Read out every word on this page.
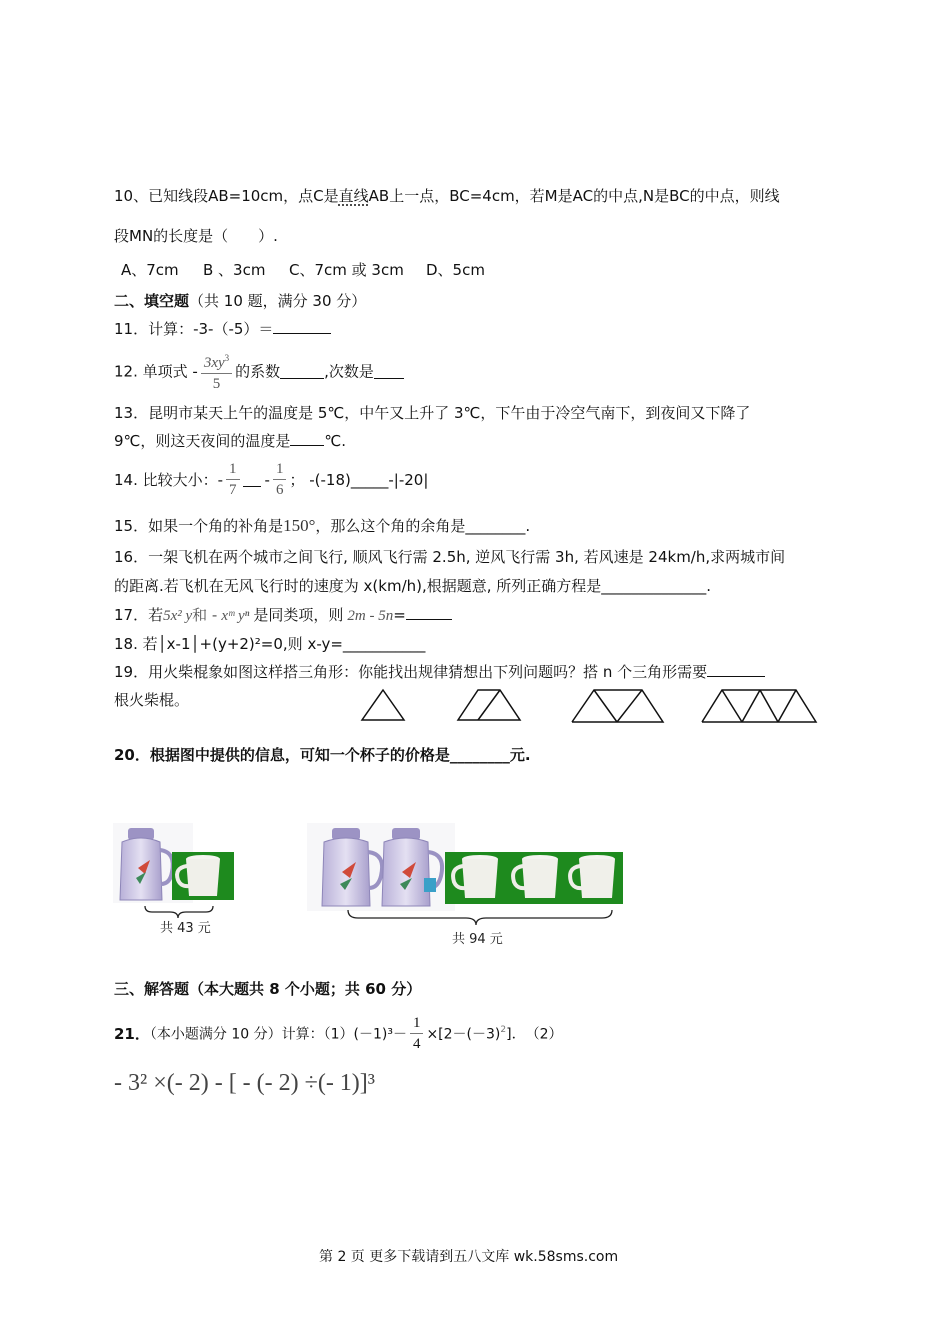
10、已知线段AB=10cm，点C是直线AB上一点，BC=4cm，若M是AC的中点,N是BC的中点，则线
段MN的长度是（　　）.
A、7cm B 、3cm C、7cm 或 3cm D、5cm
二、填空题（共 10 题，满分 30 分）
11．计算：-3-（-5）＝
12. 单项式 - $\frac{3xy^3}{5}$ 的系数	,次数是
13．昆明市某天上午的温度是 5℃，中午又上升了 3℃，下午由于冷空气南下，到夜间又下降了
9℃，则这天夜间的温度是 ℃.
14. 比较大小：- $\frac{1}{7} - \frac{1}{6}$ ； -(-18)_____-|-20|
15．如果一个角的补角是150°，那么这个角的余角是________.
16．一架飞机在两个城市之间飞行, 顺风飞行需 2.5h, 逆风飞行需 3h, 若风速是 24km/h,求两城市间
的距离.若飞机在无风飞行时的速度为 x(km/h),根据题意, 所列正确方程是______________.
17．若5x² y和 - xᵐ yⁿ 是同类项，则 2m - 5n=
18. 若│x-1│+(y+2)²=0,则 x-y=___________
19．用火柴棍象如图这样搭三角形：你能找出规律猜想出下列问题吗？搭 n 个三角形需要
根火柴棍。
20．根据图中提供的信息，可知一个杯子的价格是________元.
共 43 元
共 94 元
三、解答题（本大题共 8 个小题；共 60 分）
21．（本小题满分 10 分）计算：$(1)(-1)^3- \frac{1}{4} \times[2-(-3)^2]$．　（2）
- 3² ×(- 2) - [ - (- 2) ÷(- 1)]³
第 2 页 更多下载请到五八文库 wk.58sms.com
